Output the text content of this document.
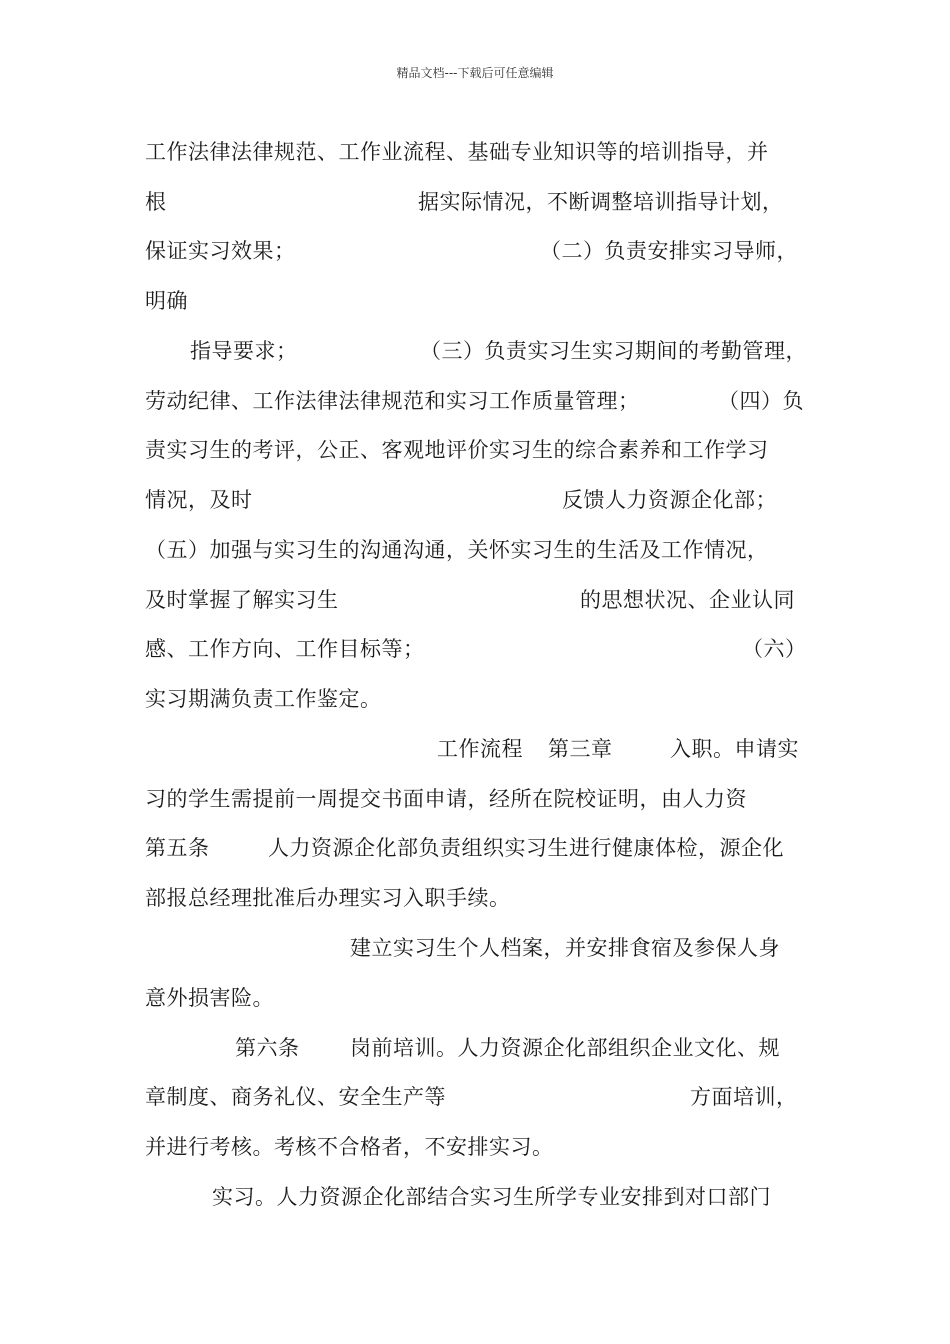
精品文档---下载后可任意编辑
工作法律法律规范、工作业流程、基础专业知识等的培训指导，并
根	据实际情况，不断调整培训指导计划，
保证实习效果；	（二）负责安排实习导师，
明确
指导要求；	（三）负责实习生实习期间的考勤管理，
劳动纪律、工作法律法律规范和实习工作质量管理；	（四）负
责实习生的考评，公正、客观地评价实习生的综合素养和工作学习
情况，及时	反馈人力资源企化部；
（五）加强与实习生的沟通沟通，关怀实习生的生活及工作情况，
及时掌握了解实习生	的思想状况、企业认同
感、工作方向、工作目标等；	（六）
实习期满负责工作鉴定。
工作流程 第三章	入职。申请实
习的学生需提前一周提交书面申请，经所在院校证明，由人力资
第五条	人力资源企化部负责组织实习生进行健康体检，源企化
部报总经理批准后办理实习入职手续。
建立实习生个人档案，并安排食宿及参保人身
意外损害险。
第六条 岗前培训。人力资源企化部组织企业文化、规
章制度、商务礼仪、安全生产等	方面培训，
并进行考核。考核不合格者，不安排实习。
实习。人力资源企化部结合实习生所学专业安排到对口部门
